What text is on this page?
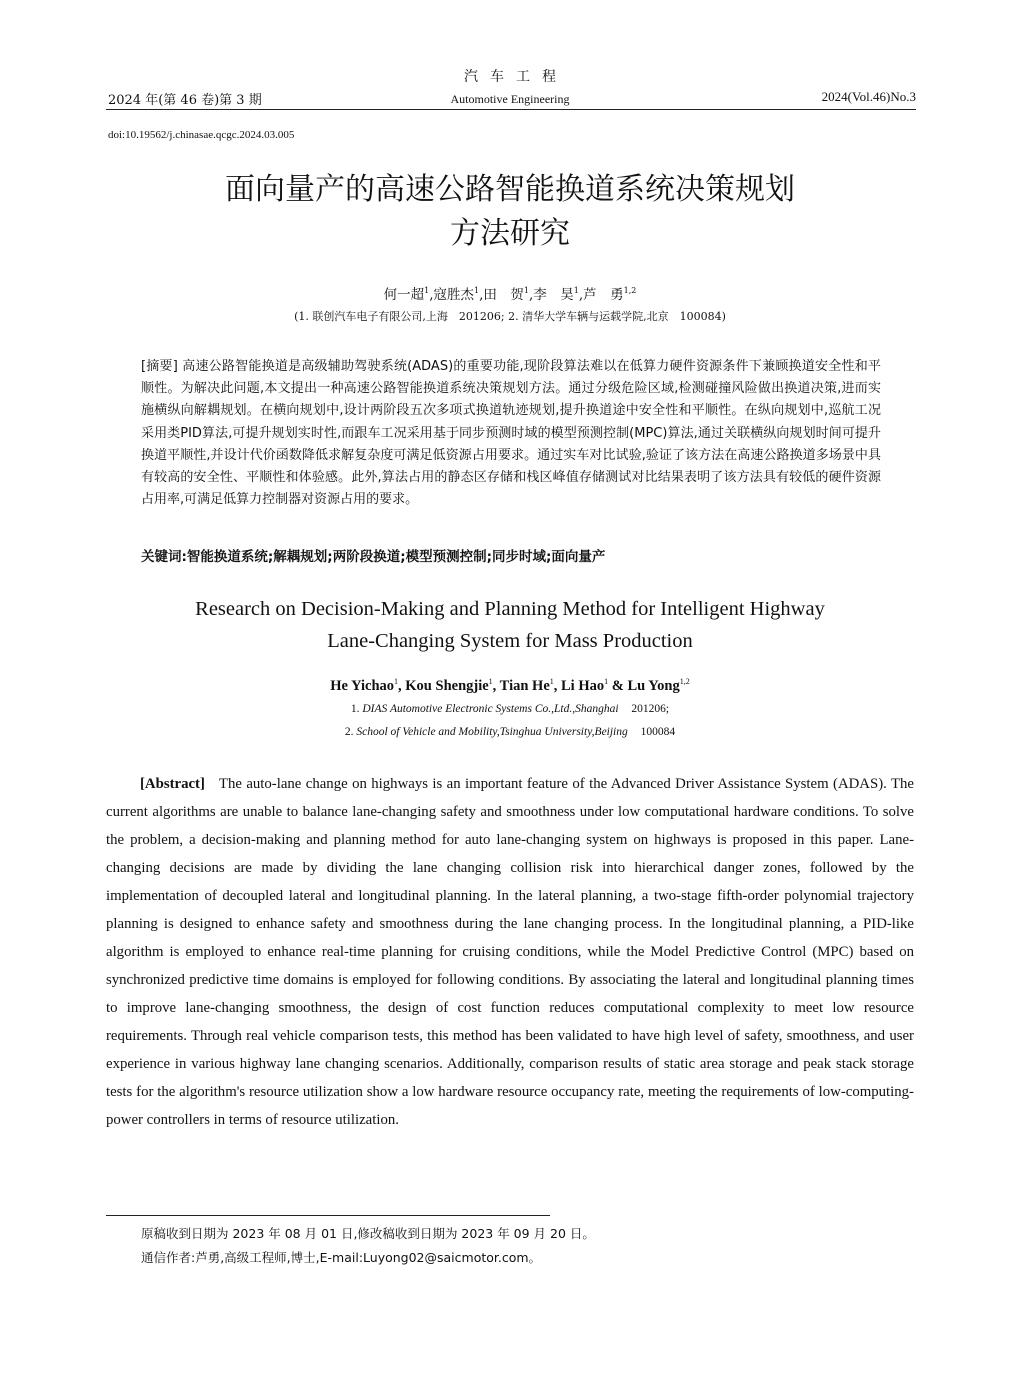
汽车工程
2024 年(第 46 卷)第 3 期	Automotive Engineering	2024(Vol.46)No.3
doi:10.19562/j.chinasae.qcgc.2024.03.005
面向量产的高速公路智能换道系统决策规划
方法研究
何一超$^1$,寇胜杰$^1$,田　贺$^1$,李　昊$^1$,芦　勇$^{1,2}$
(1. 联创汽车电子有限公司,上海　201206; 2. 清华大学车辆与运载学院,北京　100084)
[摘要] 高速公路智能换道是高级辅助驾驶系统(ADAS)的重要功能,现阶段算法难以在低算力硬件资源条件下兼顾换道安全性和平顺性。为解决此问题,本文提出一种高速公路智能换道系统决策规划方法。通过分级危险区域,检测碰撞风险做出换道决策,进而实施横纵向解耦规划。在横向规划中,设计两阶段五次多项式换道轨迹规划,提升换道途中安全性和平顺性。在纵向规划中,巡航工况采用类PID算法,可提升规划实时性,而跟车工况采用基于同步预测时域的模型预测控制(MPC)算法,通过关联横纵向规划时间可提升换道平顺性,并设计代价函数降低求解复杂度可满足低资源占用要求。通过实车对比试验,验证了该方法在高速公路换道多场景中具有较高的安全性、平顺性和体验感。此外,算法占用的静态区存储和栈区峰值存储测试对比结果表明了该方法具有较低的硬件资源占用率,可满足低算力控制器对资源占用的要求。
关键词:智能换道系统;解耦规划;两阶段换道;模型预测控制;同步时域;面向量产
Research on Decision-Making and Planning Method for Intelligent Highway
Lane-Changing System for Mass Production
He Yichao$^1$, Kou Shengjie$^1$, Tian He$^1$, Li Hao$^1$ & Lu Yong$^{1,2}$
1. DIAS Automotive Electronic Systems Co.,Ltd.,Shanghai 201206;
2. School of Vehicle and Mobility,Tsinghua University,Beijing 100084
[Abstract] The auto-lane change on highways is an important feature of the Advanced Driver Assistance System (ADAS). The current algorithms are unable to balance lane-changing safety and smoothness under low computational hardware conditions. To solve the problem, a decision-making and planning method for auto lane-changing system on highways is proposed in this paper. Lane-changing decisions are made by dividing the lane changing collision risk into hierarchical danger zones, followed by the implementation of decoupled lateral and longitudinal planning. In the lateral planning, a two-stage fifth-order polynomial trajectory planning is designed to enhance safety and smoothness during the lane changing process. In the longitudinal planning, a PID-like algorithm is employed to enhance real-time planning for cruising conditions, while the Model Predictive Control (MPC) based on synchronized predictive time domains is employed for following conditions. By associating the lateral and longitudinal planning times to improve lane-changing smoothness, the design of cost function reduces computational complexity to meet low resource requirements. Through real vehicle comparison tests, this method has been validated to have high level of safety, smoothness, and user experience in various highway lane changing scenarios. Additionally, comparison results of static area storage and peak stack storage tests for the algorithm's resource utilization show a low hardware resource occupancy rate, meeting the requirements of low-computing-power controllers in terms of resource utilization.
原稿收到日期为 2023 年 08 月 01 日,修改稿收到日期为 2023 年 09 月 20 日。
通信作者:芦勇,高级工程师,博士,E-mail:Luyong02@saicmotor.com。
